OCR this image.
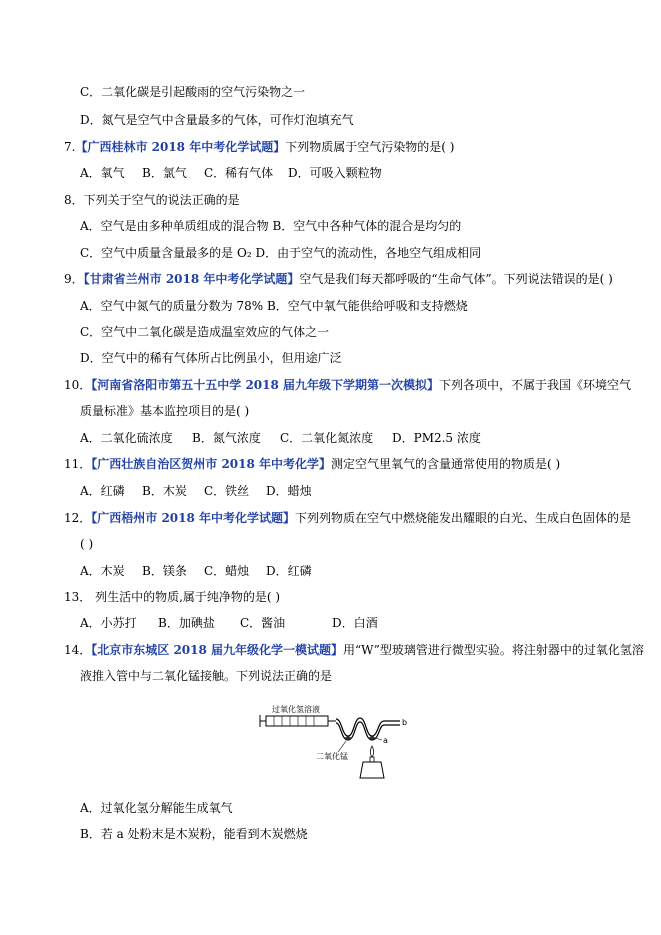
C．二氧化碳是引起酸雨的空气污染物之一
D．氮气是空气中含量最多的气体，可作灯泡填充气
7.【广西桂林市 2018 年中考化学试题】下列物质属于空气污染物的是( )
A．氧气 B．氯气 C．稀有气体 D．可吸入颗粒物
8．下列关于空气的说法正确的是
A．空气是由多种单质组成的混合物 B．空气中各种气体的混合是均匀的
C．空气中质量含量最多的是 O₂ D．由于空气的流动性，各地空气组成相同
9．【甘肃省兰州市 2018 年中考化学试题】空气是我们每天都呼吸的“生命气体”。下列说法错误的是( )
A．空气中氮气的质量分数为 78% B．空气中氧气能供给呼吸和支持燃烧
C．空气中二氧化碳是造成温室效应的气体之一
D．空气中的稀有气体所占比例虽小，但用途广泛
10．【河南省洛阳市第五十五中学 2018 届九年级下学期第一次模拟】下列各项中，不属于我国《环境空气
质量标准》基本监控项目的是( )
A．二氧化硫浓度 B．氮气浓度 C．二氧化氮浓度 D．PM2.5 浓度
11．【广西壮族自治区贺州市 2018 年中考化学】测定空气里氧气的含量通常使用的物质是( )
A．红磷 B．木炭 C．铁丝 D．蜡烛
12．【广西梧州市 2018 年中考化学试题】下列列物质在空气中燃烧能发出耀眼的白光、生成白色固体的是
( )
A．木炭 B．镁条 C．蜡烛 D．红磷
13． 列生活中的物质,属于纯净物的是( )
A．小苏打 B．加碘盐 C．酱油	D．白酒
14．【北京市东城区 2018 届九年级化学一模试题】用“W”型玻璃管进行微型实验。将注射器中的过氧化氢溶
液推入管中与二氧化锰接触。下列说法正确的是
过氧化氢溶液
a
b
二氧化锰
A．过氧化氢分解能生成氧气
B．若 a 处粉末是木炭粉，能看到木炭燃烧
